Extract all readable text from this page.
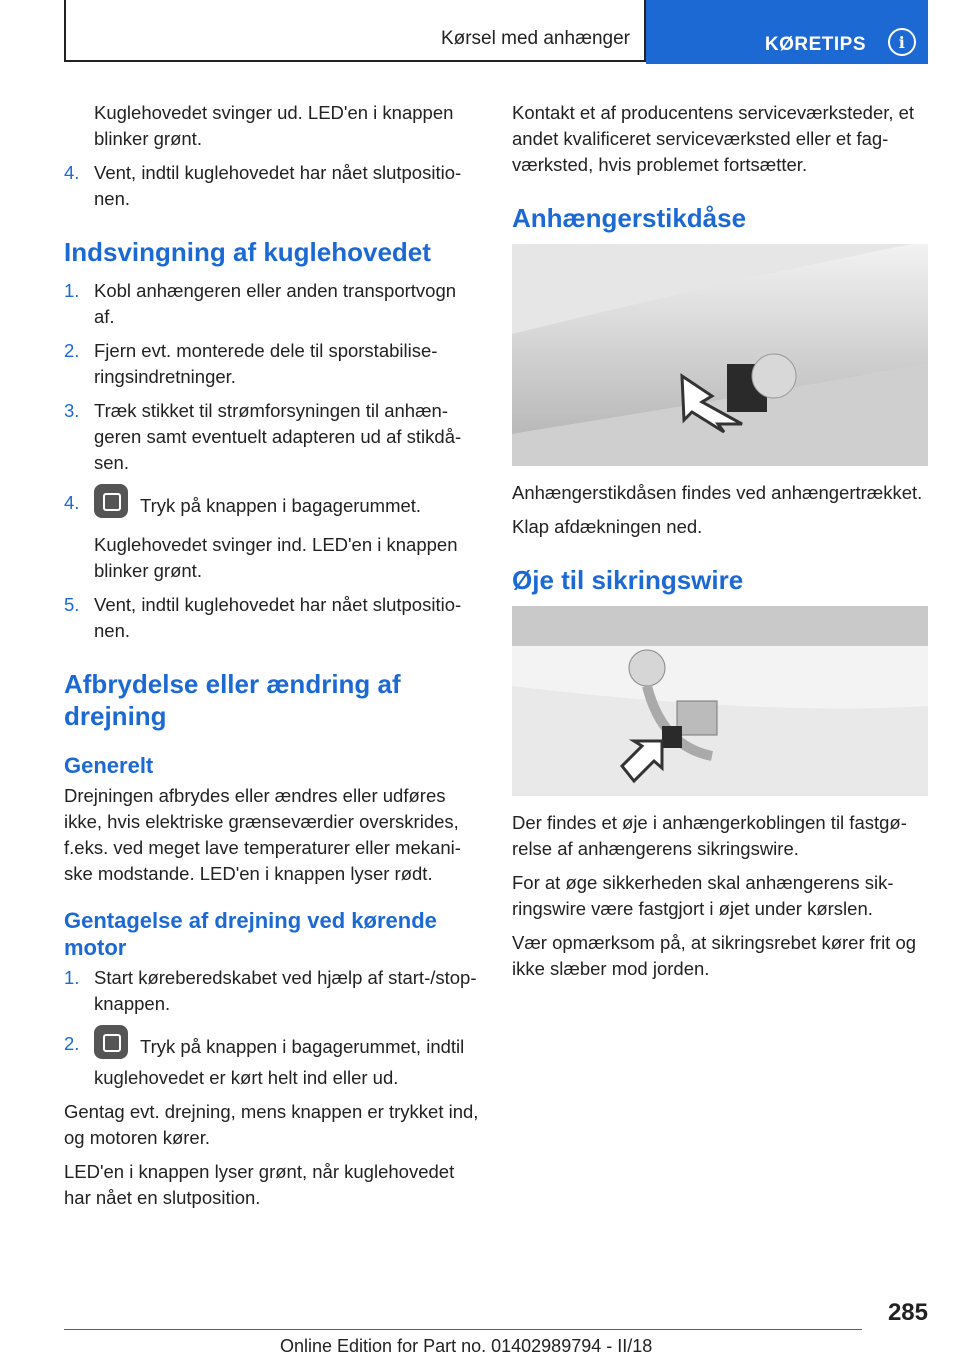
Kørsel med anhænger	KØRETIPS	i

Kuglehovedet svinger ud. LED'en i knappen blinker grønt.

4. Vent, indtil kuglehovedet har nået slutpositionen.
Indsvingning af kuglehovedet
1. Kobl anhængeren eller anden transportvogn af.
2. Fjern evt. monterede dele til sporstabiliseringsindretninger.
3. Træk stikket til strømforsyningen til anhængeren samt eventuelt adapteren ud af stikdåsen.
4.	Tryk på knappen i bagagerummet.

Kuglehovedet svinger ind. LED'en i knappen blinker grønt.

5. Vent, indtil kuglehovedet har nået slutpositionen.
Afbrydelse eller ændring af drejning
Generelt

Drejningen afbrydes eller ændres eller udføres ikke, hvis elektriske grænseværdier overskrides, f.eks. ved meget lave temperaturer eller mekaniske modstande. LED'en i knappen lyser rødt.

Gentagelse af drejning ved kørende motor
1. Start køreberedskabet ved hjælp af start-/stop-knappen.
2.	Tryk på knappen i bagagerummet, indtil kuglehovedet er kørt helt ind eller ud.

Gentag evt. drejning, mens knappen er trykket ind, og motoren kører.

LED'en i knappen lyser grønt, når kuglehovedet har nået en slutposition.

Kontakt et af producentens serviceværksteder, et andet kvalificeret serviceværksted eller et fagværksted, hvis problemet fortsætter.

Anhængerstikdåse

Anhængerstikdåsen findes ved anhængertrækket.

Klap afdækningen ned.

Øje til sikringswire

Der findes et øje i anhængerkoblingen til fastgørelse af anhængerens sikringswire.

For at øge sikkerheden skal anhængerens sikringswire være fastgjort i øjet under kørslen.

Vær opmærksom på, at sikringsrebet kører frit og ikke slæber mod jorden.

285
Online Edition for Part no. 01402989794 - II/18
